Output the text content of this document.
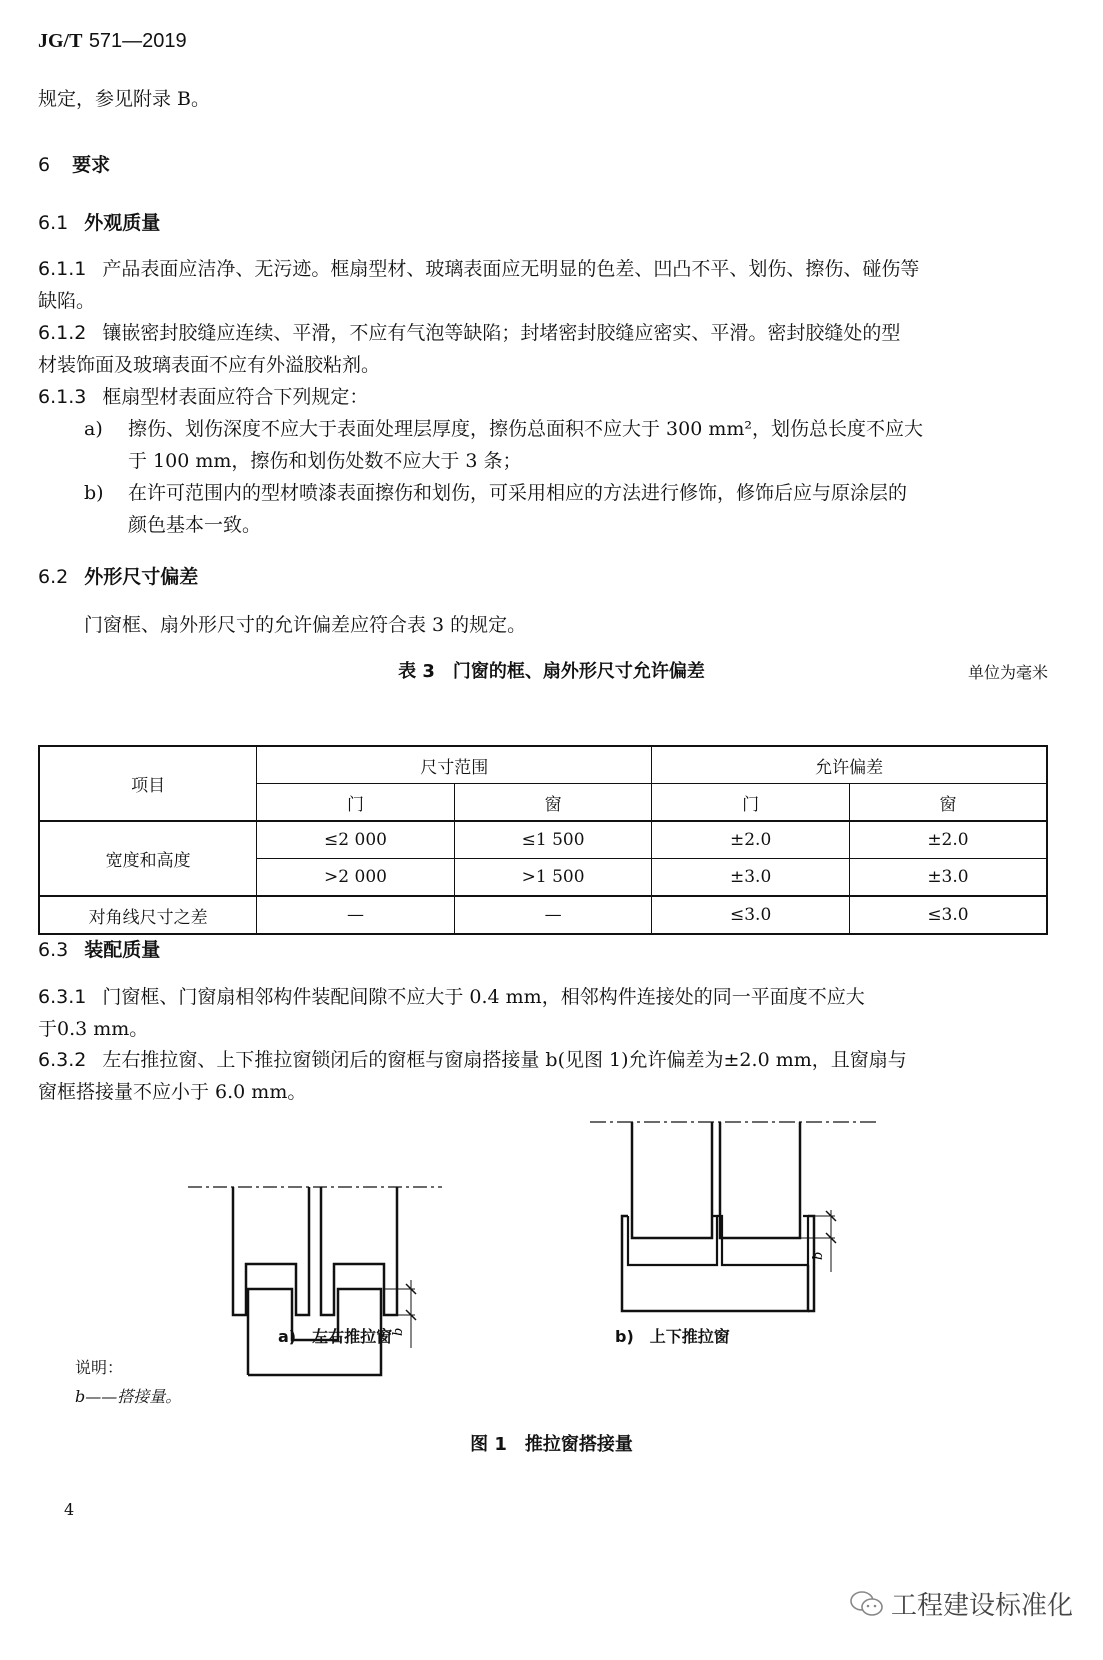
JG/T 571—2019
规定，参见附录 B。
6 要求
6.1 外观质量
6.1.1 产品表面应洁净、无污迹。框扇型材、玻璃表面应无明显的色差、凹凸不平、划伤、擦伤、碰伤等
缺陷。
6.1.2 镶嵌密封胶缝应连续、平滑，不应有气泡等缺陷；封堵密封胶缝应密实、平滑。密封胶缝处的型
材装饰面及玻璃表面不应有外溢胶粘剂。
6.1.3 框扇型材表面应符合下列规定：
a) 擦伤、划伤深度不应大于表面处理层厚度，擦伤总面积不应大于 300 mm²，划伤总长度不应大
于 100 mm，擦伤和划伤处数不应大于 3 条；
b) 在许可范围内的型材喷漆表面擦伤和划伤，可采用相应的方法进行修饰，修饰后应与原涂层的
颜色基本一致。
6.2 外形尺寸偏差
门窗框、扇外形尺寸的允许偏差应符合表 3 的规定。
表 3　门窗的框、扇外形尺寸允许偏差	单位为毫米
项目	尺寸范围		允许偏差	
	门	窗	门	窗
宽度和高度	≤2 000	≤1 500	±2.0	±2.0
	>2 000	>1 500	±3.0	±3.0
对角线尺寸之差	—	—	≤3.0	≤3.0
6.3 装配质量
6.3.1 门窗框、门窗扇相邻构件装配间隙不应大于 0.4 mm，相邻构件连接处的同一平面度不应大
于0.3 mm。
6.3.2 左右推拉窗、上下推拉窗锁闭后的窗框与窗扇搭接量 b(见图 1)允许偏差为±2.0 mm，且窗扇与
窗框搭接量不应小于 6.0 mm。
b
b
a)　左右推拉窗	b)　上下推拉窗
说明：
b——搭接量。
图 1　推拉窗搭接量
4
工程建设标准化
